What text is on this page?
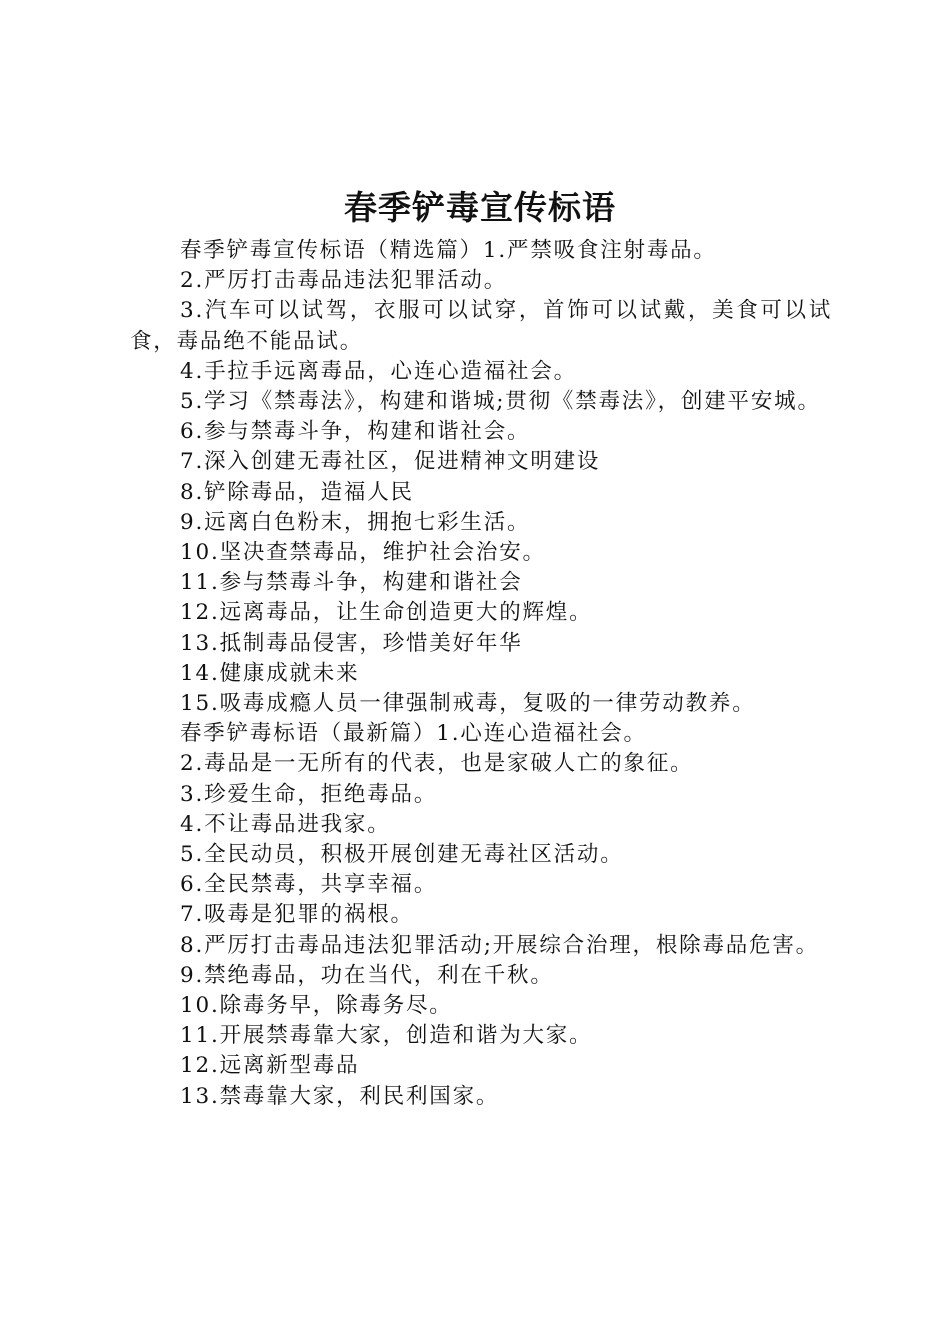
春季铲毒宣传标语

春季铲毒宣传标语（精选篇）1.严禁吸食注射毒品。

2.严厉打击毒品违法犯罪活动。

3.汽车可以试驾，衣服可以试穿，首饰可以试戴，美食可以试食，毒品绝不能品试。

4.手拉手远离毒品，心连心造福社会。

5.学习《禁毒法》，构建和谐城;贯彻《禁毒法》，创建平安城。

6.参与禁毒斗争，构建和谐社会。

7.深入创建无毒社区，促进精神文明建设

8.铲除毒品，造福人民

9.远离白色粉末，拥抱七彩生活。

10.坚决查禁毒品，维护社会治安。

11.参与禁毒斗争，构建和谐社会

12.远离毒品，让生命创造更大的辉煌。

13.抵制毒品侵害，珍惜美好年华

14.健康成就未来

15.吸毒成瘾人员一律强制戒毒，复吸的一律劳动教养。

春季铲毒标语（最新篇）1.心连心造福社会。

2.毒品是一无所有的代表，也是家破人亡的象征。

3.珍爱生命，拒绝毒品。

4.不让毒品进我家。

5.全民动员，积极开展创建无毒社区活动。

6.全民禁毒，共享幸福。

7.吸毒是犯罪的祸根。

8.严厉打击毒品违法犯罪活动;开展综合治理，根除毒品危害。

9.禁绝毒品，功在当代，利在千秋。

10.除毒务早，除毒务尽。

11.开展禁毒靠大家，创造和谐为大家。

12.远离新型毒品

13.禁毒靠大家，利民利国家。
